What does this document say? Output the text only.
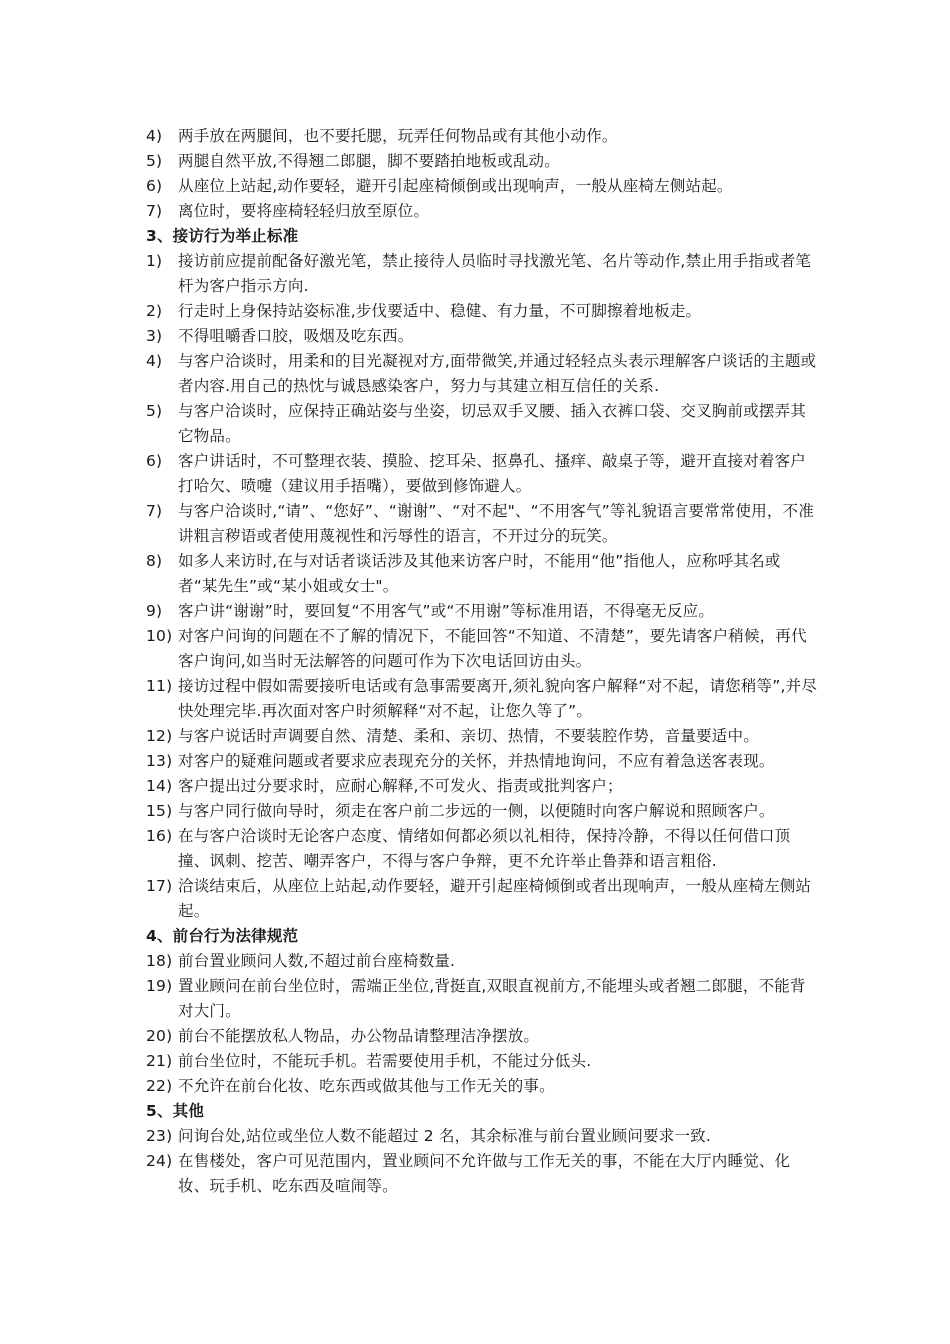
4)	两手放在两腿间，也不要托腮，玩弄任何物品或有其他小动作。
5)	两腿自然平放,不得翘二郎腿，脚不要踏拍地板或乱动。
6)	从座位上站起,动作要轻，避开引起座椅倾倒或出现响声，一般从座椅左侧站起。
7)	离位时，要将座椅轻轻归放至原位。
3、接访行为举止标准
1)	接访前应提前配备好激光笔，禁止接待人员临时寻找激光笔、名片等动作,禁止用手指或者笔杆为客户指示方向.
2)	行走时上身保持站姿标准,步伐要适中、稳健、有力量，不可脚擦着地板走。
3)	不得咀嚼香口胶，吸烟及吃东西。
4)	与客户洽谈时，用柔和的目光凝视对方,面带微笑,并通过轻轻点头表示理解客户谈话的主题或者内容.用自己的热忱与诚恳感染客户，努力与其建立相互信任的关系.
5)	与客户洽谈时，应保持正确站姿与坐姿，切忌双手叉腰、插入衣裤口袋、交叉胸前或摆弄其它物品。
6)	客户讲话时，不可整理衣装、摸脸、挖耳朵、抠鼻孔、搔痒、敲桌子等，避开直接对着客户打哈欠、喷嚏（建议用手捂嘴），要做到修饰避人。
7)	与客户洽谈时,“请”、“您好”、“谢谢”、“对不起"、“不用客气”等礼貌语言要常常使用，不准讲粗言秽语或者使用蔑视性和污辱性的语言，不开过分的玩笑。
8)	如多人来访时,在与对话者谈话涉及其他来访客户时，不能用“他”指他人，应称呼其名或者“某先生”或“某小姐或女士"。
9)	客户讲“谢谢”时，要回复“不用客气”或“不用谢”等标准用语，不得毫无反应。
10) 对客户问询的问题在不了解的情况下，不能回答“不知道、不清楚”，要先请客户稍候，再代客户询问,如当时无法解答的问题可作为下次电话回访由头。
11) 接访过程中假如需要接听电话或有急事需要离开,须礼貌向客户解释“对不起，请您稍等”,并尽快处理完毕.再次面对客户时须解释“对不起，让您久等了”。
12) 与客户说话时声调要自然、清楚、柔和、亲切、热情，不要装腔作势，音量要适中。
13) 对客户的疑难问题或者要求应表现充分的关怀，并热情地询问，不应有着急送客表现。
14) 客户提出过分要求时，应耐心解释,不可发火、指责或批判客户；
15) 与客户同行做向导时，须走在客户前二步远的一侧，以便随时向客户解说和照顾客户。
16) 在与客户洽谈时无论客户态度、情绪如何都必须以礼相待，保持冷静，不得以任何借口顶撞、讽刺、挖苦、嘲弄客户，不得与客户争辩，更不允许举止鲁莽和语言粗俗.
17) 洽谈结束后，从座位上站起,动作要轻，避开引起座椅倾倒或者出现响声，一般从座椅左侧站起。
4、前台行为法律规范
18) 前台置业顾问人数,不超过前台座椅数量.
19) 置业顾问在前台坐位时，需端正坐位,背挺直,双眼直视前方,不能埋头或者翘二郎腿，不能背对大门。
20) 前台不能摆放私人物品，办公物品请整理洁净摆放。
21) 前台坐位时，不能玩手机。若需要使用手机，不能过分低头.
22) 不允许在前台化妆、吃东西或做其他与工作无关的事。
5、其他
23) 问询台处,站位或坐位人数不能超过 2 名，其余标准与前台置业顾问要求一致.
24) 在售楼处，客户可见范围内，置业顾问不允许做与工作无关的事，不能在大厅内睡觉、化妆、玩手机、吃东西及喧闹等。
